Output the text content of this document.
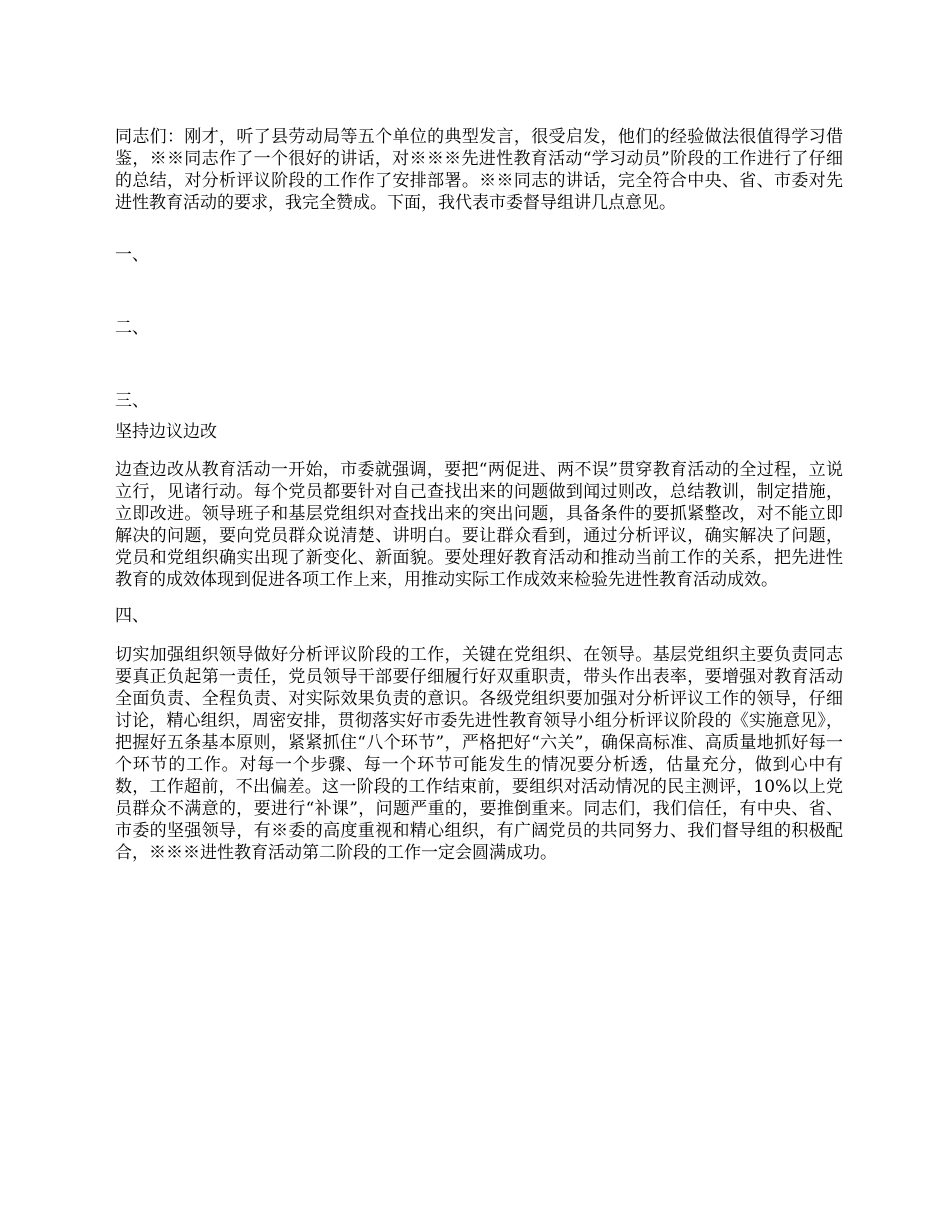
同志们：刚才，听了县劳动局等五个单位的典型发言，很受启发，他们的经验做法很值得学习借鉴，※※同志作了一个很好的讲话，对※※※先进性教育活动“学习动员”阶段的工作进行了仔细的总结，对分析评议阶段的工作作了安排部署。※※同志的讲话，完全符合中央、省、市委对先进性教育活动的要求，我完全赞成。下面，我代表市委督导组讲几点意见。

一、

二、

三、

坚持边议边改

边查边改从教育活动一开始，市委就强调，要把“两促进、两不误”贯穿教育活动的全过程，立说立行，见诸行动。每个党员都要针对自己查找出来的问题做到闻过则改，总结教训，制定措施，立即改进。领导班子和基层党组织对查找出来的突出问题，具备条件的要抓紧整改，对不能立即解决的问题，要向党员群众说清楚、讲明白。要让群众看到，通过分析评议，确实解决了问题，党员和党组织确实出现了新变化、新面貌。要处理好教育活动和推动当前工作的关系，把先进性教育的成效体现到促进各项工作上来，用推动实际工作成效来检验先进性教育活动成效。

四、

切实加强组织领导做好分析评议阶段的工作，关键在党组织、在领导。基层党组织主要负责同志要真正负起第一责任，党员领导干部要仔细履行好双重职责，带头作出表率，要增强对教育活动全面负责、全程负责、对实际效果负责的意识。各级党组织要加强对分析评议工作的领导，仔细讨论，精心组织，周密安排，贯彻落实好市委先进性教育领导小组分析评议阶段的《实施意见》，把握好五条基本原则，紧紧抓住“八个环节”，严格把好“六关”，确保高标准、高质量地抓好每一个环节的工作。对每一个步骤、每一个环节可能发生的情况要分析透，估量充分，做到心中有数，工作超前，不出偏差。这一阶段的工作结束前，要组织对活动情况的民主测评，10%以上党员群众不满意的，要进行“补课”，问题严重的，要推倒重来。同志们，我们信任，有中央、省、市委的坚强领导，有※委的高度重视和精心组织，有广阔党员的共同努力、我们督导组的积极配合，※※※进性教育活动第二阶段的工作一定会圆满成功。
